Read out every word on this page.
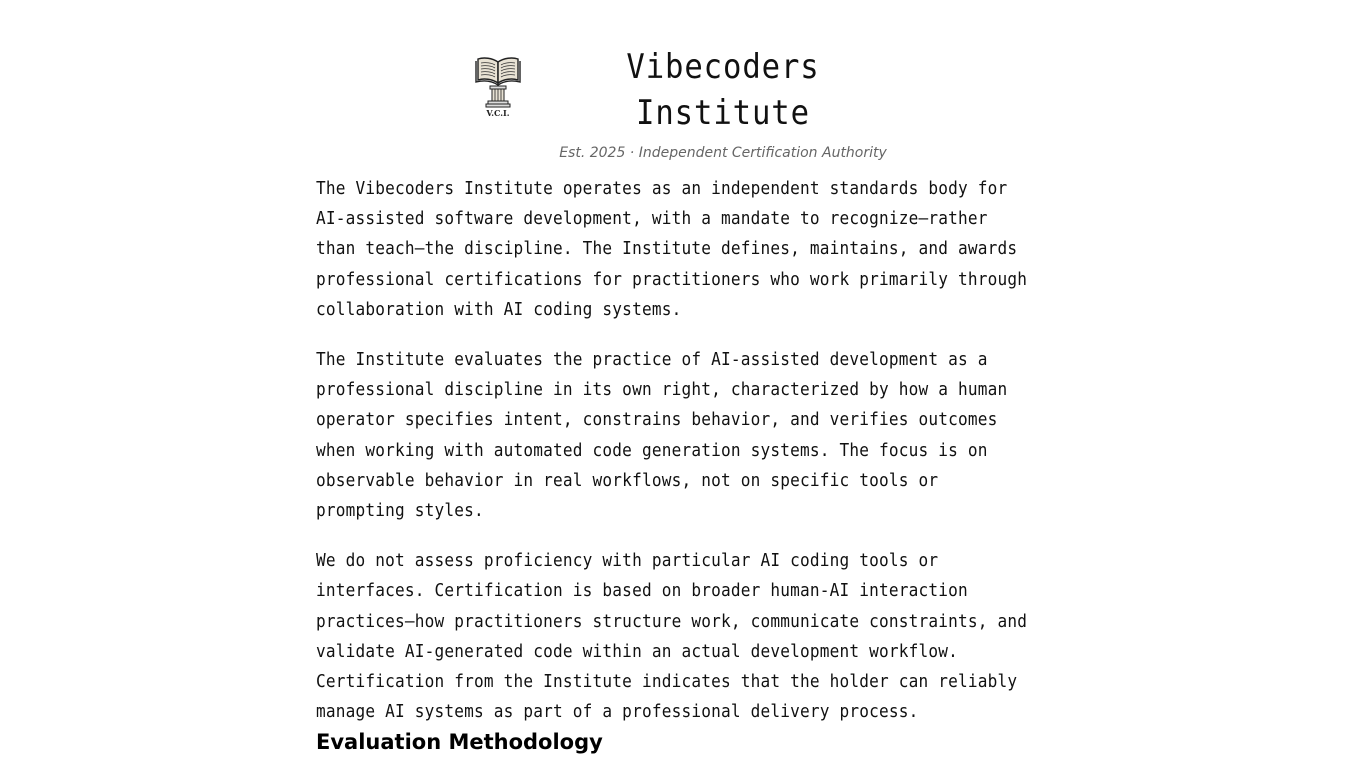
V.C.I.
Vibecoders Institute
Est. 2025 · Independent Certification Authority

The Vibecoders Institute operates as an independent standards body for AI-assisted software development, with a mandate to recognize—rather than teach—the discipline. The Institute defines, maintains, and awards professional certifications for practitioners who work primarily through collaboration with AI coding systems.

The Institute evaluates the practice of AI-assisted development as a professional discipline in its own right, characterized by how a human operator specifies intent, constrains behavior, and verifies outcomes when working with automated code generation systems. The focus is on observable behavior in real workflows, not on specific tools or prompting styles.

We do not assess proficiency with particular AI coding tools or interfaces. Certification is based on broader human-AI interaction practices—how practitioners structure work, communicate constraints, and validate AI-generated code within an actual development workflow. Certification from the Institute indicates that the holder can reliably manage AI systems as part of a professional delivery process.

Evaluation Methodology
